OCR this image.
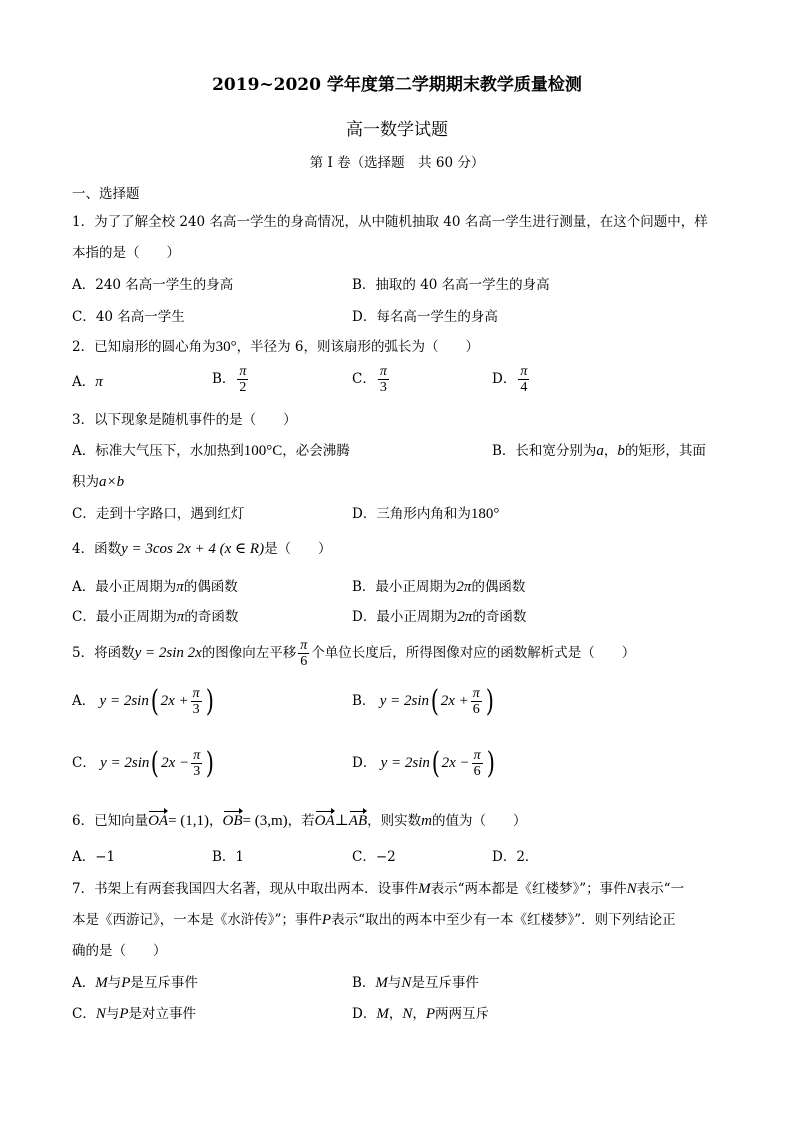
2019~2020 学年度第二学期期末教学质量检测
高一数学试题
第 I 卷（选择题　共 60 分）
一、选择题
1．为了了解全校 240 名高一学生的身高情况，从中随机抽取 40 名高一学生进行测量，在这个问题中，样
本指的是（　　）
A．240 名高一学生的身高	B．抽取的 40 名高一学生的身高
C．40 名高一学生	D．每名高一学生的身高
2．已知扇形的圆心角为30°，半径为 6，则该扇形的弧长为（　　）
A．π	B． $\frac{\pi}{2}$	C． $\frac{\pi}{3}$	D． $\frac{\pi}{4}$
3．以下现象是随机事件的是（　　）
A．标准大气压下，水加热到100°C，必会沸腾	B．长和宽分别为a，b的矩形，其面
积为a×b
C．走到十字路口，遇到红灯	D．三角形内角和为180°
4．函数y = 3cos 2x + 4 (x ∈ R)是（　　）
A．最小正周期为π的偶函数	B．最小正周期为2π的偶函数
C．最小正周期为π的奇函数	D．最小正周期为2π的奇函数
5．将函数y = 2sin 2x的图像向左平移 $\frac{\pi}{6}$ 个单位长度后，所得图像对应的函数解析式是（　　）
A． y = 2sin( $2x + \frac{\pi}{3}$ )	B． y = 2sin( $2x + \frac{\pi}{6}$ )
C． y = 2sin( $2x - \frac{\pi}{3}$ )	D． y = 2sin( $2x - \frac{\pi}{6}$ )
6．已知向量OA= (1,1)，OB= (3,m)，若OA⊥AB，则实数m的值为（　　）
A．−1	B．1	C．−2	D．2．
7．书架上有两套我国四大名著，现从中取出两本．设事件M表示“两本都是《红楼梦》”；事件N表示“一
本是《西游记》，一本是《水浒传》”；事件P表示“取出的两本中至少有一本《红楼梦》”．则下列结论正
确的是（　　）
A．M与P是互斥事件	B．M与N是互斥事件
C．N与P是对立事件	D．M，N，P两两互斥
